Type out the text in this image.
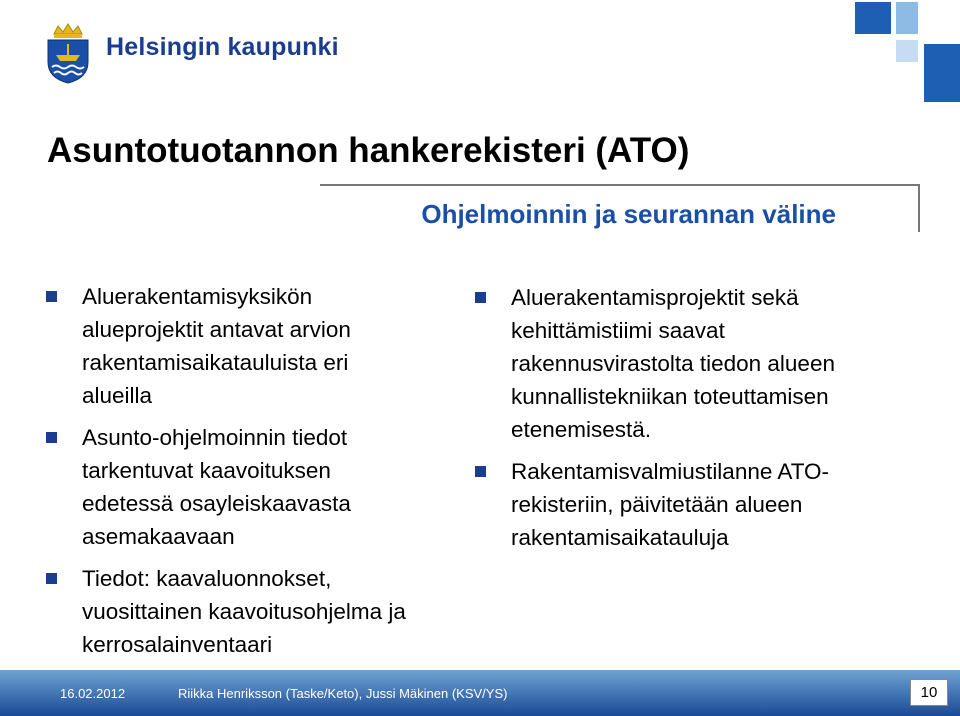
Helsingin kaupunki
Asuntotuotannon hankerekisteri (ATO)
Ohjelmoinnin ja seurannan väline
Aluerakentamisyksikön
alueprojektit antavat arvion
rakentamisaikatauluista eri
alueilla
Asunto-ohjelmoinnin tiedot
tarkentuvat kaavoituksen
edetessä osayleiskaavasta
asemakaavaan
Tiedot: kaavaluonnokset,
vuosittainen kaavoitusohjelma ja
kerrosalainventaari
Aluerakentamisprojektit sekä
kehittämistiimi saavat
rakennusvirastolta tiedon alueen
kunnallistekniikan toteuttamisen
etenemisestä.
Rakentamisvalmiustilanne ATO-
rekisteriin, päivitetään alueen
rakentamisaikatauluja
16.02.2012	Riikka Henriksson (Taske/Keto), Jussi Mäkinen (KSV/YS)	10
